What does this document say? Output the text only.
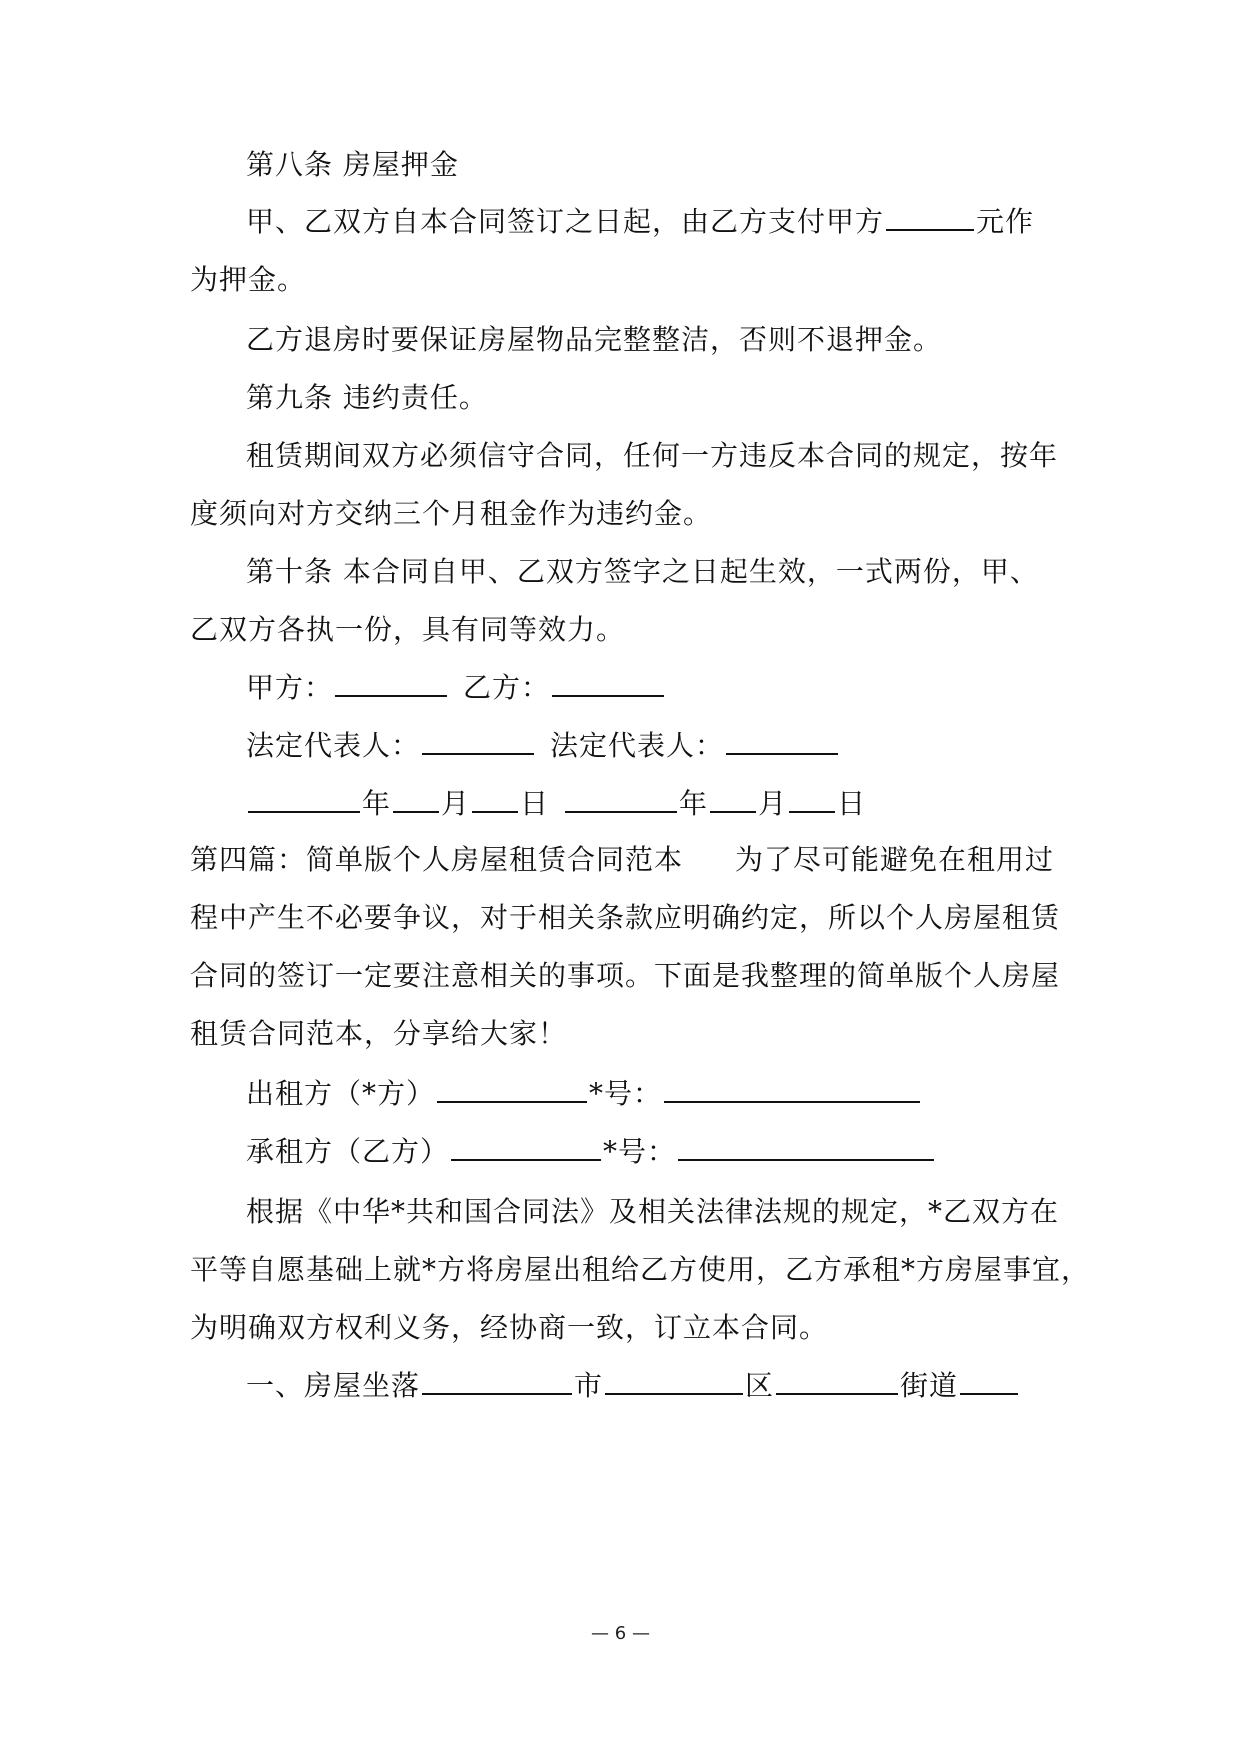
第八条 房屋押金
甲、乙双方自本合同签订之日起，由乙方支付甲方	元作
为押金。
乙方退房时要保证房屋物品完整整洁，否则不退押金。
第九条 违约责任。
租赁期间双方必须信守合同，任何一方违反本合同的规定，按年
度须向对方交纳三个月租金作为违约金。
第十条 本合同自甲、乙双方签字之日起生效，一式两份，甲、
乙双方各执一份，具有同等效力。
甲方：	乙方：
法定代表人：	法定代表人：
年 月 日	年 月 日
第四篇：简单版个人房屋租赁合同范本 为了尽可能避免在租用过
程中产生不必要争议，对于相关条款应明确约定，所以个人房屋租赁
合同的签订一定要注意相关的事项。下面是我整理的简单版个人房屋
租赁合同范本，分享给大家！
出租方（*方）	*号：
承租方（乙方）	*号：
根据《中华*共和国合同法》及相关法律法规的规定，*乙双方在
平等自愿基础上就*方将房屋出租给乙方使用，乙方承租*方房屋事宜，
为明确双方权利义务，经协商一致，订立本合同。
一、房屋坐落	市	区	街道
— 6 —
